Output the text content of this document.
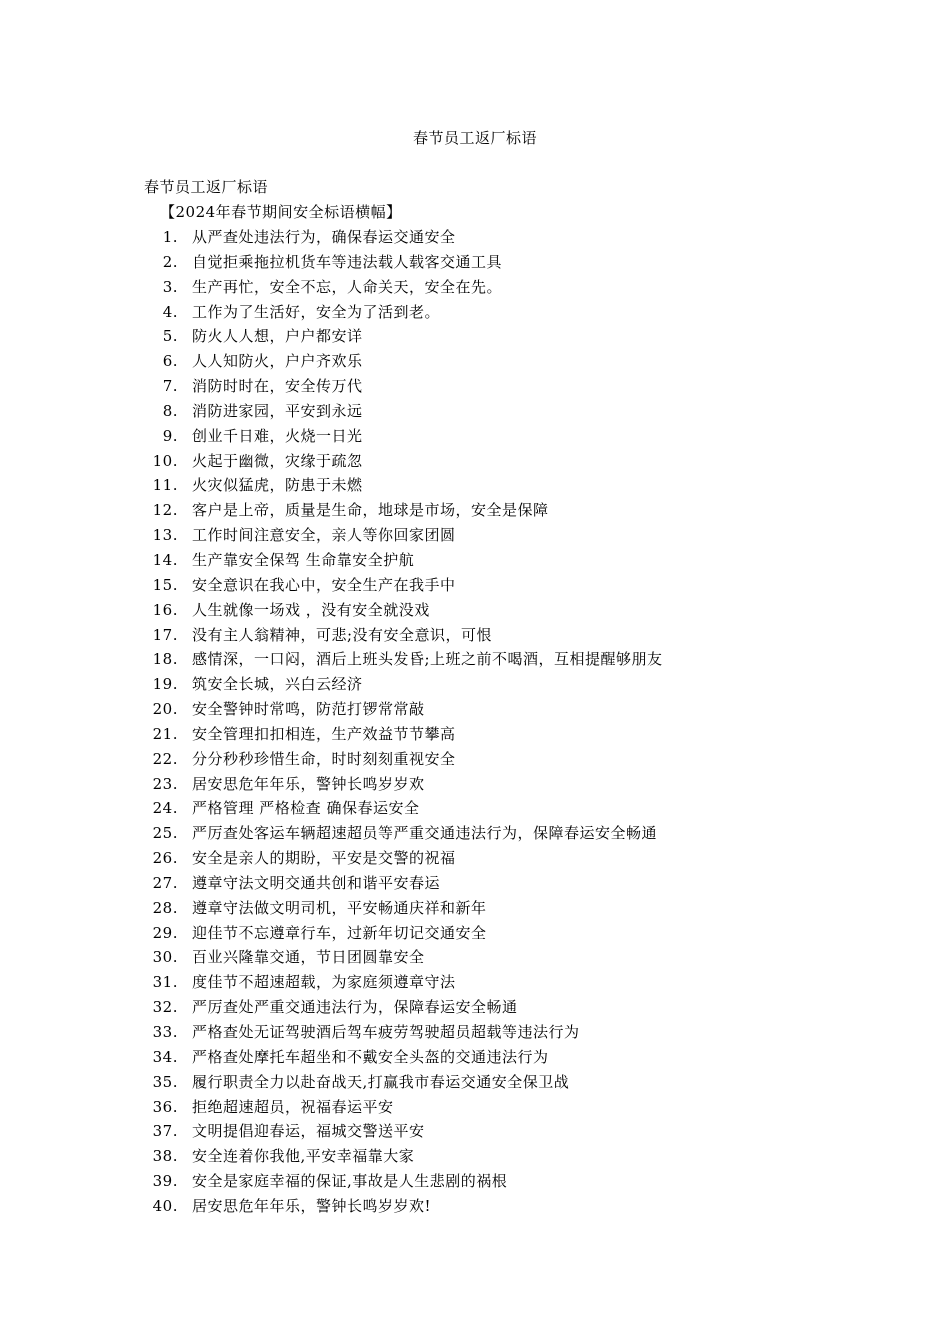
春节员工返厂标语
春节员工返厂标语
【2024年春节期间安全标语横幅】
1. 从严查处违法行为，确保春运交通安全
2. 自觉拒乘拖拉机货车等违法载人载客交通工具
3. 生产再忙，安全不忘，人命关天，安全在先。
4. 工作为了生活好，安全为了活到老。
5. 防火人人想，户户都安详
6. 人人知防火，户户齐欢乐
7. 消防时时在，安全传万代
8. 消防进家园，平安到永远
9. 创业千日难，火烧一日光
10. 火起于幽微，灾缘于疏忽
11. 火灾似猛虎，防患于未燃
12. 客户是上帝，质量是生命，地球是市场，安全是保障
13. 工作时间注意安全，亲人等你回家团圆
14. 生产靠安全保驾 生命靠安全护航
15. 安全意识在我心中，安全生产在我手中
16. 人生就像一场戏 ，没有安全就没戏
17. 没有主人翁精神，可悲;没有安全意识，可恨
18. 感情深，一口闷，酒后上班头发昏;上班之前不喝酒，互相提醒够朋友
19. 筑安全长城，兴白云经济
20. 安全警钟时常鸣，防范打锣常常敲
21. 安全管理扣扣相连，生产效益节节攀高
22. 分分秒秒珍惜生命，时时刻刻重视安全
23. 居安思危年年乐，警钟长鸣岁岁欢
24. 严格管理 严格检查 确保春运安全
25. 严厉查处客运车辆超速超员等严重交通违法行为，保障春运安全畅通
26. 安全是亲人的期盼，平安是交警的祝福
27. 遵章守法文明交通共创和谐平安春运
28. 遵章守法做文明司机，平安畅通庆祥和新年
29. 迎佳节不忘遵章行车，过新年切记交通安全
30. 百业兴隆靠交通，节日团圆靠安全
31. 度佳节不超速超载，为家庭须遵章守法
32. 严厉查处严重交通违法行为，保障春运安全畅通
33. 严格查处无证驾驶酒后驾车疲劳驾驶超员超载等违法行为
34. 严格查处摩托车超坐和不戴安全头盔的交通违法行为
35. 履行职责全力以赴奋战天,打赢我市春运交通安全保卫战
36. 拒绝超速超员，祝福春运平安
37. 文明提倡迎春运，福城交警送平安
38. 安全连着你我他,平安幸福靠大家
39. 安全是家庭幸福的保证,事故是人生悲剧的祸根
40. 居安思危年年乐，警钟长鸣岁岁欢!
